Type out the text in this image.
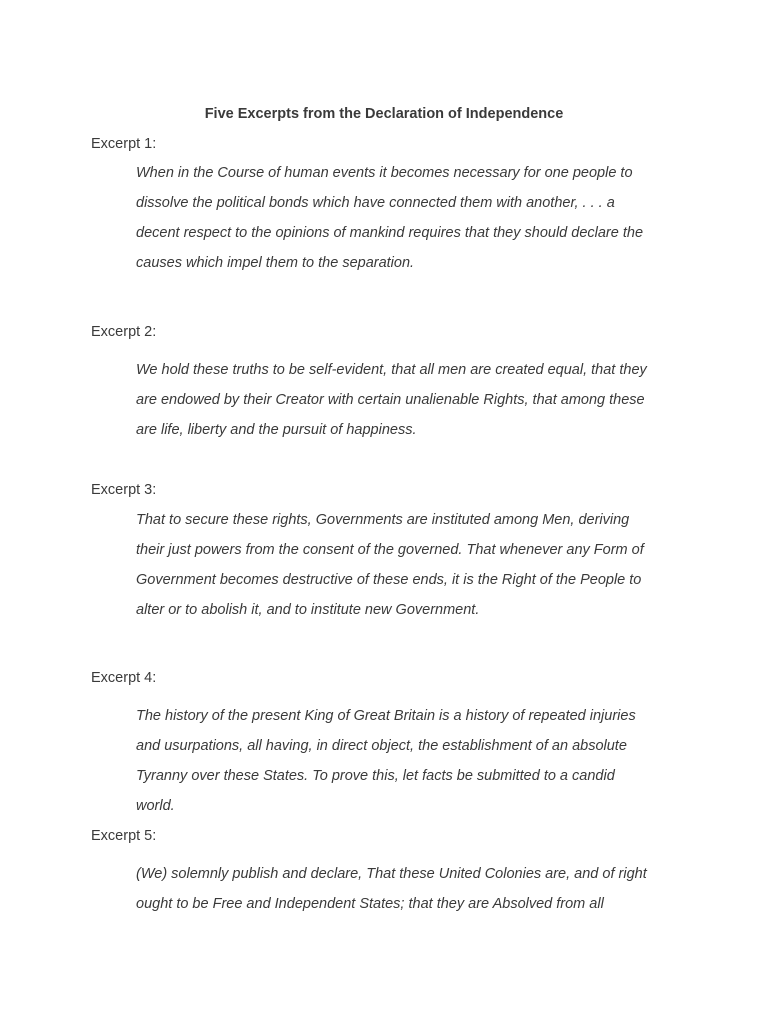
Five Excerpts from the Declaration of Independence
Excerpt 1:
When in the Course of human events it becomes necessary for one people to
dissolve the political bonds which have connected them with another, . . . a
decent respect to the opinions of mankind requires that they should declare the
causes which impel them to the separation.
Excerpt 2:
We hold these truths to be self-evident, that all men are created equal, that they
are endowed by their Creator with certain unalienable Rights, that among these
are life, liberty and the pursuit of happiness.
Excerpt 3:
That to secure these rights, Governments are instituted among Men, deriving
their just powers from the consent of the governed. That whenever any Form of
Government becomes destructive of these ends, it is the Right of the People to
alter or to abolish it, and to institute new Government.
Excerpt 4:
The history of the present King of Great Britain is a history of repeated injuries
and usurpations, all having, in direct object, the establishment of an absolute
Tyranny over these States. To prove this, let facts be submitted to a candid
world.
Excerpt 5:
(We) solemnly publish and declare, That these United Colonies are, and of right
ought to be Free and Independent States; that they are Absolved from all
